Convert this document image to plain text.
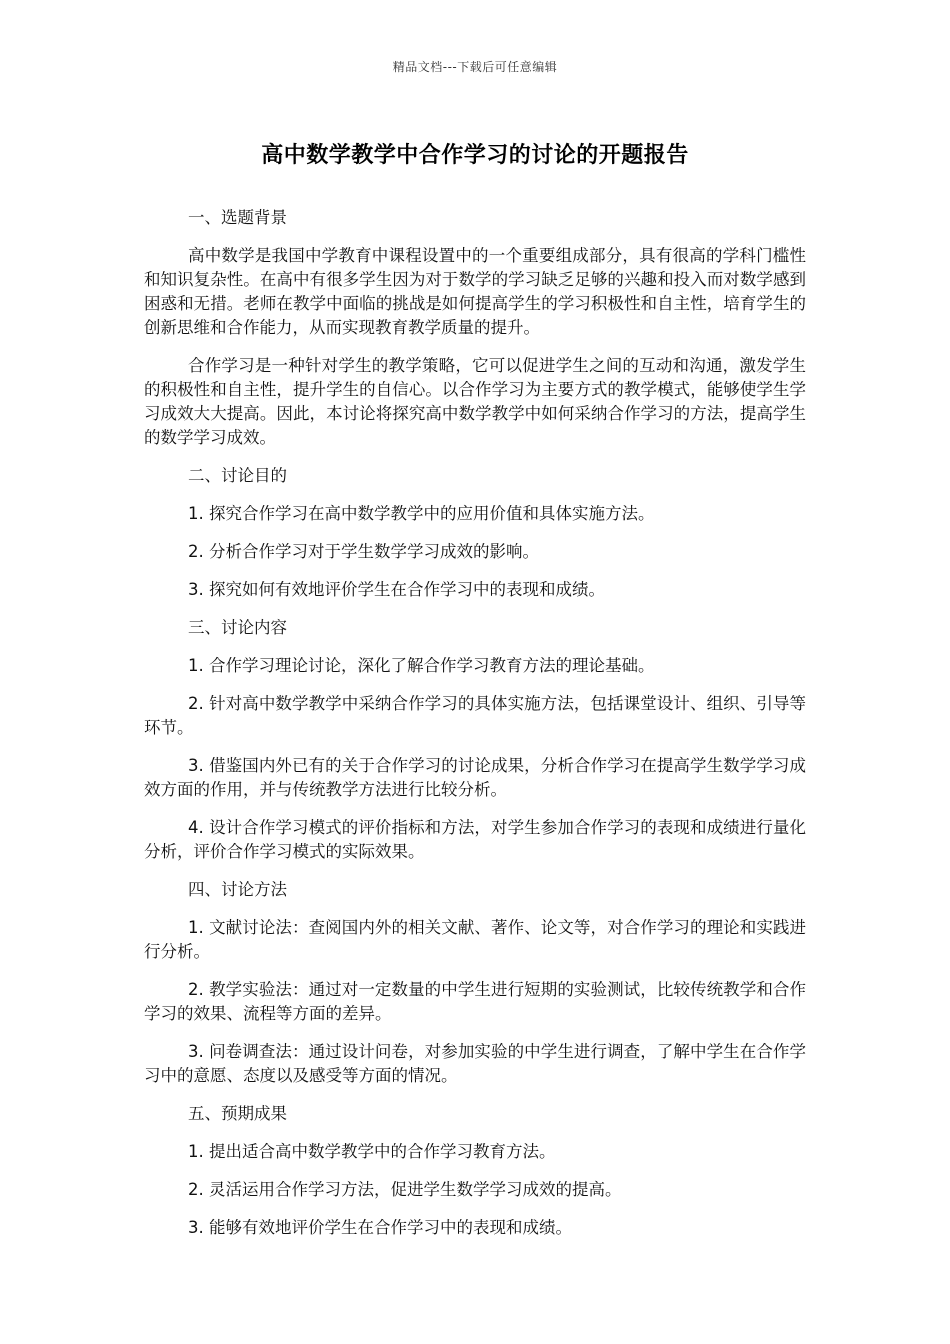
精品文档---下载后可任意编辑
高中数学教学中合作学习的讨论的开题报告
一、选题背景

高中数学是我国中学教育中课程设置中的一个重要组成部分，具有很高的学科门槛性和知识复杂性。在高中有很多学生因为对于数学的学习缺乏足够的兴趣和投入而对数学感到困惑和无措。老师在教学中面临的挑战是如何提高学生的学习积极性和自主性，培育学生的创新思维和合作能力，从而实现教育教学质量的提升。

合作学习是一种针对学生的教学策略，它可以促进学生之间的互动和沟通，激发学生的积极性和自主性，提升学生的自信心。以合作学习为主要方式的教学模式，能够使学生学习成效大大提高。因此，本讨论将探究高中数学教学中如何采纳合作学习的方法，提高学生的数学学习成效。

二、讨论目的

1. 探究合作学习在高中数学教学中的应用价值和具体实施方法。

2. 分析合作学习对于学生数学学习成效的影响。

3. 探究如何有效地评价学生在合作学习中的表现和成绩。

三、讨论内容

1. 合作学习理论讨论，深化了解合作学习教育方法的理论基础。

2. 针对高中数学教学中采纳合作学习的具体实施方法，包括课堂设计、组织、引导等环节。

3. 借鉴国内外已有的关于合作学习的讨论成果，分析合作学习在提高学生数学学习成效方面的作用，并与传统教学方法进行比较分析。

4. 设计合作学习模式的评价指标和方法，对学生参加合作学习的表现和成绩进行量化分析，评价合作学习模式的实际效果。

四、讨论方法

1. 文献讨论法：查阅国内外的相关文献、著作、论文等，对合作学习的理论和实践进行分析。

2. 教学实验法：通过对一定数量的中学生进行短期的实验测试，比较传统教学和合作学习的效果、流程等方面的差异。

3. 问卷调查法：通过设计问卷，对参加实验的中学生进行调查，了解中学生在合作学习中的意愿、态度以及感受等方面的情况。

五、预期成果

1. 提出适合高中数学教学中的合作学习教育方法。

2. 灵活运用合作学习方法，促进学生数学学习成效的提高。

3. 能够有效地评价学生在合作学习中的表现和成绩。
